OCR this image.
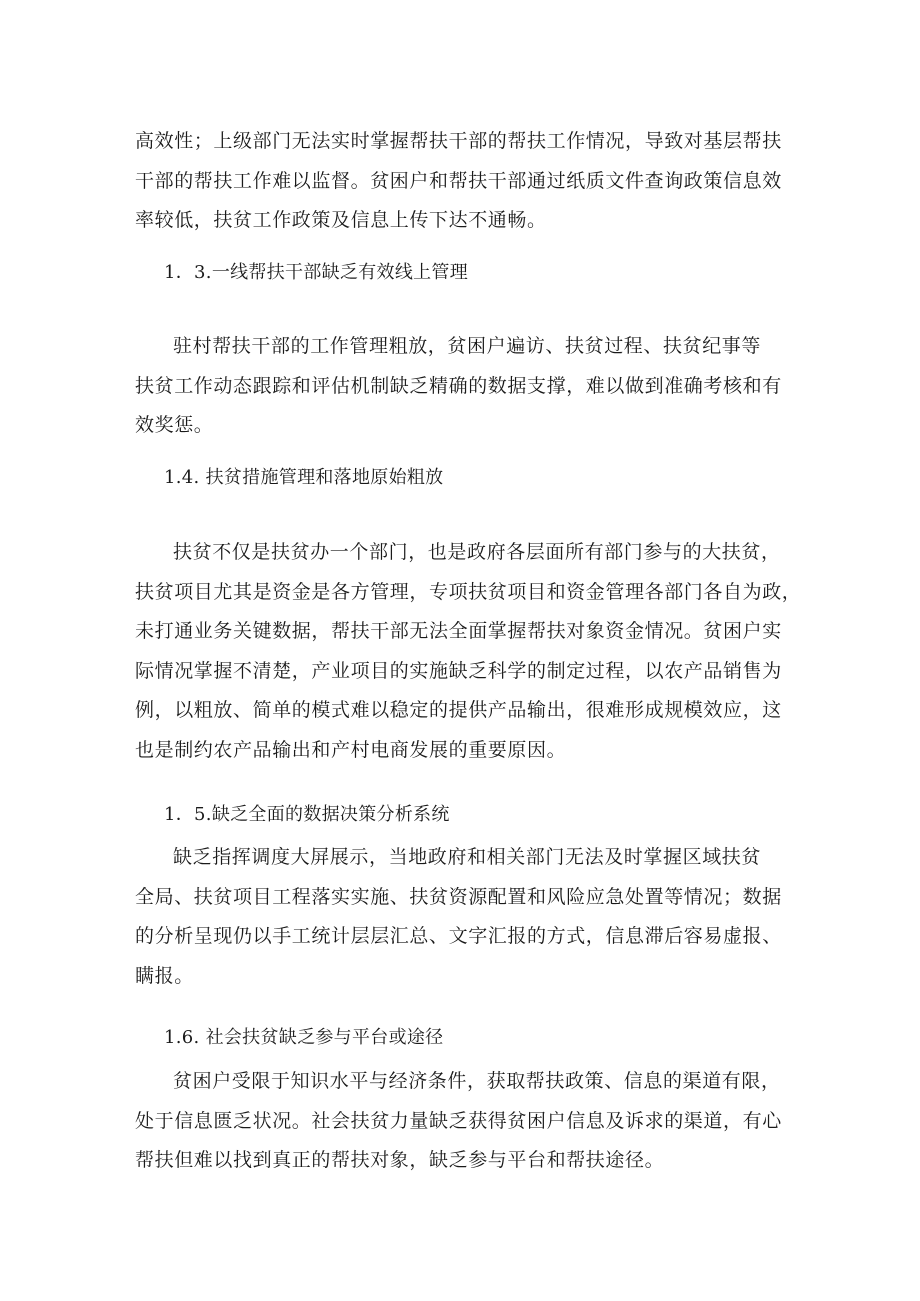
高效性；上级部门无法实时掌握帮扶干部的帮扶工作情况，导致对基层帮扶
干部的帮扶工作难以监督。贫困户和帮扶干部通过纸质文件查询政策信息效
率较低，扶贫工作政策及信息上传下达不通畅。
1．3.一线帮扶干部缺乏有效线上管理
驻村帮扶干部的工作管理粗放，贫困户遍访、扶贫过程、扶贫纪事等
扶贫工作动态跟踪和评估机制缺乏精确的数据支撑，难以做到准确考核和有
效奖惩。
1.4. 扶贫措施管理和落地原始粗放
扶贫不仅是扶贫办一个部门，也是政府各层面所有部门参与的大扶贫，
扶贫项目尤其是资金是各方管理，专项扶贫项目和资金管理各部门各自为政，
未打通业务关键数据，帮扶干部无法全面掌握帮扶对象资金情况。贫困户实
际情况掌握不清楚，产业项目的实施缺乏科学的制定过程，以农产品销售为
例，以粗放、简单的模式难以稳定的提供产品输出，很难形成规模效应，这
也是制约农产品输出和产村电商发展的重要原因。
1．5.缺乏全面的数据决策分析系统
缺乏指挥调度大屏展示，当地政府和相关部门无法及时掌握区域扶贫
全局、扶贫项目工程落实实施、扶贫资源配置和风险应急处置等情况；数据
的分析呈现仍以手工统计层层汇总、文字汇报的方式，信息滞后容易虚报、
瞒报。
1.6. 社会扶贫缺乏参与平台或途径
贫困户受限于知识水平与经济条件，获取帮扶政策、信息的渠道有限，
处于信息匮乏状况。社会扶贫力量缺乏获得贫困户信息及诉求的渠道，有心
帮扶但难以找到真正的帮扶对象，缺乏参与平台和帮扶途径。
